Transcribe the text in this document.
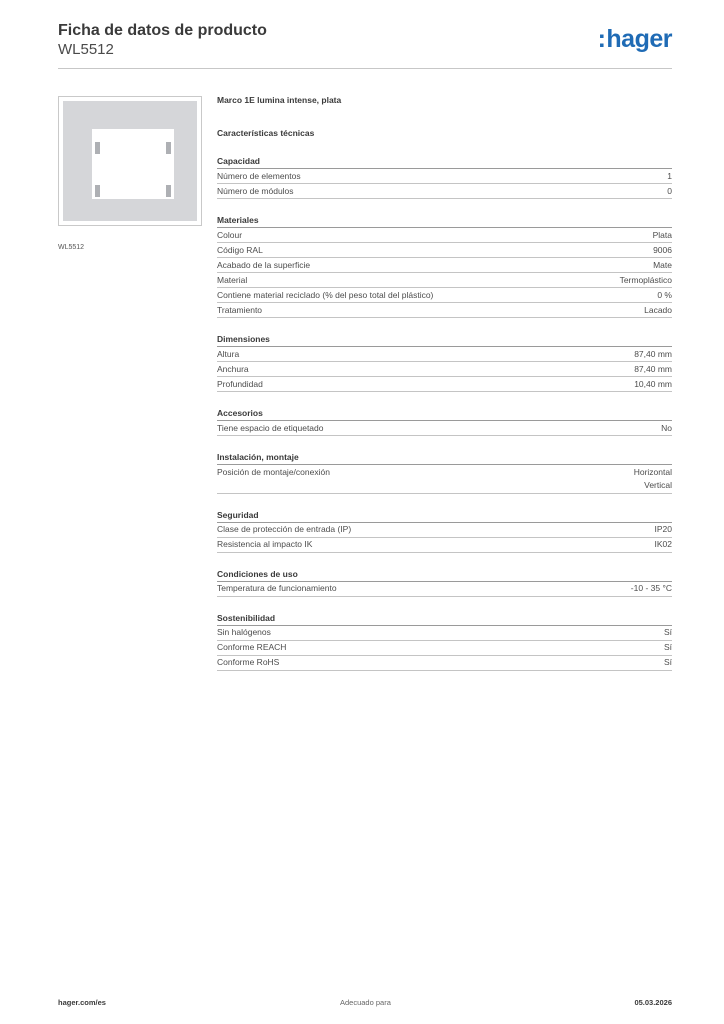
Ficha de datos de producto
WL5512	:hager
WL5512
Marco 1E lumina intense, plata
Características técnicas
Capacidad
Número de elementos	1
Número de módulos	0
Materiales
Colour	Plata
Código RAL	9006
Acabado de la superficie	Mate
Material	Termoplástico
Contiene material reciclado (% del peso total del plástico)	0 %
Tratamiento	Lacado
Dimensiones
Altura	87,40 mm
Anchura	87,40 mm
Profundidad	10,40 mm
Accesorios
Tiene espacio de etiquetado	No
Instalación, montaje
Posición de montaje/conexión	Horizontal
Vertical
Seguridad
Clase de protección de entrada (IP)	IP20
Resistencia al impacto IK	IK02
Condiciones de uso
Temperatura de funcionamiento	-10 - 35 °C
Sostenibilidad
Sin halógenos	Sí
Conforme REACH	Sí
Conforme RoHS	Sí
hager.com/es	Adecuado para	05.03.2026
